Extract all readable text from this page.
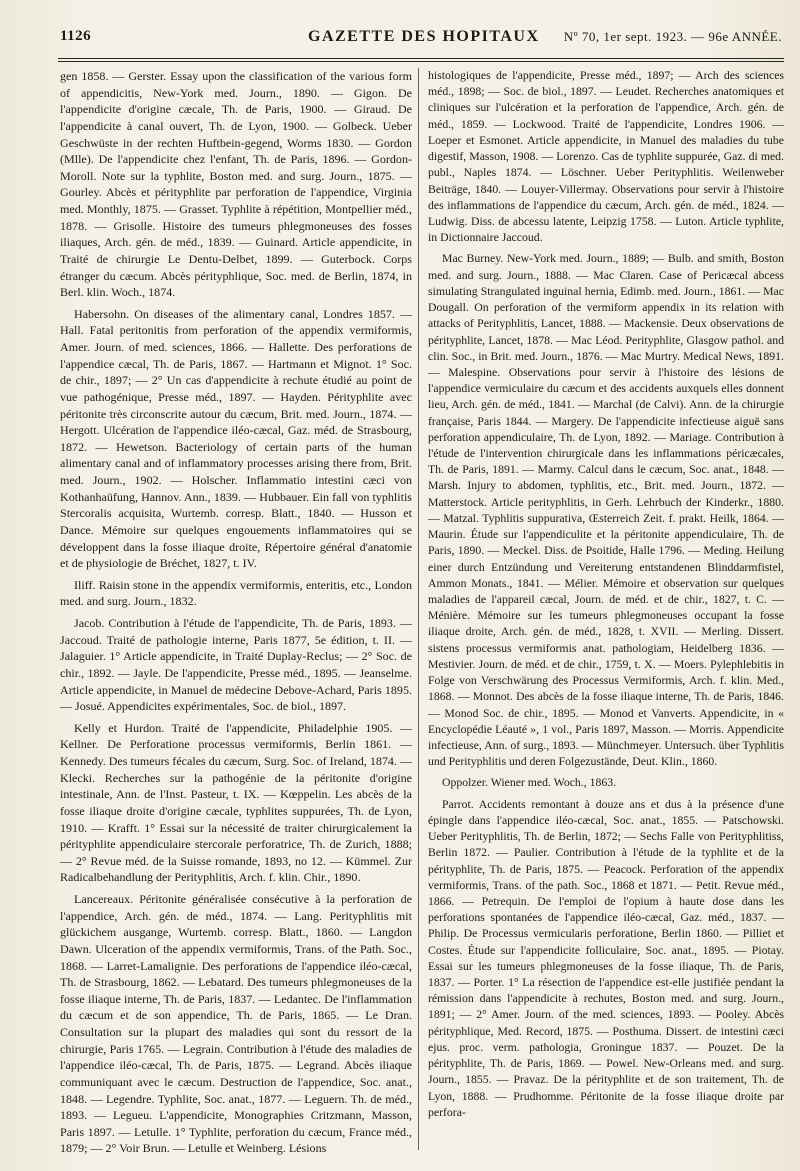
1126	GAZETTE DES HOPITAUX Nº 70, 1er sept. 1923. — 96e ANNÉE.

gen 1858. — Gerster. Essay upon the classification of the various form of appendicitis, New-York med. Journ., 1890. — Gigon. De l'appendicite d'origine cæcale, Th. de Paris, 1900. — Giraud. De l'appendicite à canal ouvert, Th. de Lyon, 1900. — Golbeck. Ueber Geschwüste in der rechten Huftbein-gegend, Worms 1830. — Gordon (Mlle). De l'appendicite chez l'enfant, Th. de Paris, 1896. — Gordon-Moroll. Note sur la typhlite, Boston med. and surg. Journ., 1875. — Gourley. Abcès et pérityphlite par perforation de l'appendice, Virginia med. Monthly, 1875. — Grasset. Typhlite à répétition, Montpellier méd., 1878. — Grisolle. Histoire des tumeurs phlegmoneuses des fosses iliaques, Arch. gén. de méd., 1839. — Guinard. Article appendicite, in Traité de chirurgie Le Dentu-Delbet, 1899. — Guterbock. Corps étranger du cæcum. Abcès pérityphlique, Soc. med. de Berlin, 1874, in Berl. klin. Woch., 1874.

Habersohn. On diseases of the alimentary canal, Londres 1857. — Hall. Fatal peritonitis from perforation of the appendix vermiformis, Amer. Journ. of med. sciences, 1866. — Hallette. Des perforations de l'appendice cæcal, Th. de Paris, 1867. — Hartmann et Mignot. 1° Soc. de chir., 1897; — 2° Un cas d'appendicite à rechute étudié au point de vue pathogénique, Presse méd., 1897. — Hayden. Pérityphlite avec péritonite très circonscrite autour du cæcum, Brit. med. Journ., 1874. — Hergott. Ulcération de l'appendice iléo-cæcal, Gaz. méd. de Strasbourg, 1872. — Hewetson. Bacteriology of certain parts of the human alimentary canal and of inflammatory processes arising there from, Brit. med. Journ., 1902. — Holscher. Inflammatio intestini cæci von Kothanhaüfung, Hannov. Ann., 1839. — Hubbauer. Ein fall von typhlitis Stercoralis acquisita, Wurtemb. corresp. Blatt., 1840. — Husson et Dance. Mémoire sur quelques engouements inflammatoires qui se développent dans la fosse iliaque droite, Répertoire général d'anatomie et de physiologie de Bréchet, 1827, t. IV.

Iliff. Raisin stone in the appendix vermiformis, enteritis, etc., London med. and surg. Journ., 1832.

Jacob. Contribution à l'étude de l'appendicite, Th. de Paris, 1893. — Jaccoud. Traité de pathologie interne, Paris 1877, 5e édition, t. II. — Jalaguier. 1° Article appendicite, in Traité Duplay-Reclus; — 2° Soc. de chir., 1892. — Jayle. De l'appendicite, Presse méd., 1895. — Jeanselme. Article appendicite, in Manuel de médecine Debove-Achard, Paris 1895. — Josué. Appendicites expérimentales, Soc. de biol., 1897.

Kelly et Hurdon. Traité de l'appendicite, Philadelphie 1905. — Kellner. De Perforatione processus vermiformis, Berlin 1861. — Kennedy. Des tumeurs fécales du cæcum, Surg. Soc. of Ireland, 1874. — Klecki. Recherches sur la pathogénie de la péritonite d'origine intestinale, Ann. de l'Inst. Pasteur, t. IX. — Kœppelin. Les abcès de la fosse iliaque droite d'origine cæcale, typhlites suppurées, Th. de Lyon, 1910. — Krafft. 1° Essai sur la nécessité de traiter chirurgicalement la pérityphlite appendiculaire stercorale perforatrice, Th. de Zurich, 1888; — 2° Revue méd. de la Suisse romande, 1893, no 12. — Kümmel. Zur Radicalbehandlung der Perityphlitis, Arch. f. klin. Chir., 1890.

Lancereaux. Péritonite généralisée consécutive à la perforation de l'appendice, Arch. gén. de méd., 1874. — Lang. Perityphlitis mit glückichem ausgange, Wurtemb. corresp. Blatt., 1860. — Langdon Dawn. Ulceration of the appendix vermiformis, Trans. of the Path. Soc., 1868. — Larret-Lamalignie. Des perforations de l'appendice iléo-cæcal, Th. de Strasbourg, 1862. — Lebatard. Des tumeurs phlegmoneuses de la fosse iliaque interne, Th. de Paris, 1837. — Ledantec. De l'inflammation du cæcum et de son appendice, Th. de Paris, 1865. — Le Dran. Consultation sur la plupart des maladies qui sont du ressort de la chirurgie, Paris 1765. — Legrain. Contribution à l'étude des maladies de l'appendice iléo-cæcal, Th. de Paris, 1875. — Legrand. Abcès iliaque communiquant avec le cæcum. Destruction de l'appendice, Soc. anat., 1848. — Legendre. Typhlite, Soc. anat., 1877. — Leguern. Th. de méd., 1893. — Legueu. L'appendicite, Monographies Critzmann, Masson, Paris 1897. — Letulle. 1° Typhlite, perforation du cæcum, France méd., 1879; — 2° Voir Brun. — Letulle et Weinberg. Lésions

histologiques de l'appendicite, Presse méd., 1897; — Arch des sciences méd., 1898; — Soc. de biol., 1897. — Leudet. Recherches anatomiques et cliniques sur l'ulcération et la perforation de l'appendice, Arch. gén. de méd., 1859. — Lockwood. Traité de l'appendicite, Londres 1906. — Loeper et Esmonet. Article appendicite, in Manuel des maladies du tube digestif, Masson, 1908. — Lorenzo. Cas de typhlite suppurée, Gaz. di med. publ., Naples 1874. — Löschner. Ueber Perityphlitis. Weilenweber Beiträge, 1840. — Louyer-Villermay. Observations pour servir à l'histoire des inflammations de l'appendice du cæcum, Arch. gén. de méd., 1824. — Ludwig. Diss. de abcessu latente, Leipzig 1758. — Luton. Article typhlite, in Dictionnaire Jaccoud.

Mac Burney. New-York med. Journ., 1889; — Bulb. and smith, Boston med. and surg. Journ., 1888. — Mac Claren. Case of Pericæcal abcess simulating Strangulated inguinal hernia, Edimb. med. Journ., 1861. — Mac Dougall. On perforation of the vermiform appendix in its relation with attacks of Perityphlitis, Lancet, 1888. — Mackensie. Deux observations de pérityphlite, Lancet, 1878. — Mac Léod. Perityphlite, Glasgow pathol. and clin. Soc., in Brit. med. Journ., 1876. — Mac Murtry. Medical News, 1891. — Malespine. Observations pour servir à l'histoire des lésions de l'appendice vermiculaire du cæcum et des accidents auxquels elles donnent lieu, Arch. gén. de méd., 1841. — Marchal (de Calvi). Ann. de la chirurgie française, Paris 1844. — Margery. De l'appendicite infectieuse aiguë sans perforation appendiculaire, Th. de Lyon, 1892. — Mariage. Contribution à l'étude de l'intervention chirurgicale dans les inflammations péricæcales, Th. de Paris, 1891. — Marmy. Calcul dans le cæcum, Soc. anat., 1848. — Marsh. Injury to abdomen, typhlitis, etc., Brit. med. Journ., 1872. — Matterstock. Article perityphlitis, in Gerh. Lehrbuch der Kinderkr., 1880. — Matzal. Typhlitis suppurativa, Œsterreich Zeit. f. prakt. Heilk, 1864. — Maurin. Étude sur l'appendiculite et la péritonite appendiculaire, Th. de Paris, 1890. — Meckel. Diss. de Psoitide, Halle 1796. — Meding. Heilung einer durch Entzündung und Vereiterung entstandenen Blinddarmfistel, Ammon Monats., 1841. — Mélier. Mémoire et observation sur quelques maladies de l'appareil cæcal, Journ. de méd. et de chir., 1827, t. C. — Ménière. Mémoire sur les tumeurs phlegmoneuses occupant la fosse iliaque droite, Arch. gén. de méd., 1828, t. XVII. — Merling. Dissert. sistens processus vermiformis anat. pathologiam, Heidelberg 1836. — Mestivier. Journ. de méd. et de chir., 1759, t. X. — Moers. Pylephlebitis in Folge von Verschwärung des Processus Vermiformis, Arch. f. klin. Med., 1868. — Monnot. Des abcès de la fosse iliaque interne, Th. de Paris, 1846. — Monod Soc. de chir., 1895. — Monod et Vanverts. Appendicite, in « Encyclopédie Léauté », 1 vol., Paris 1897, Masson. — Morris. Appendicite infectieuse, Ann. of surg., 1893. — Münchmeyer. Untersuch. über Typhlitis und Perityphlitis und deren Folgezustände, Deut. Klin., 1860.

Oppolzer. Wiener med. Woch., 1863.

Parrot. Accidents remontant à douze ans et dus à la présence d'une épingle dans l'appendice iléo-cæcal, Soc. anat., 1855. — Patschowski. Ueber Perityphlitis, Th. de Berlin, 1872; — Sechs Falle von Perityphlitiss, Berlin 1872. — Paulier. Contribution à l'étude de la typhlite et de la pérityphlite, Th. de Paris, 1875. — Peacock. Perforation of the appendix vermiformis, Trans. of the path. Soc., 1868 et 1871. — Petit. Revue méd., 1866. — Petrequin. De l'emploi de l'opium à haute dose dans les perforations spontanées de l'appendice iléo-cæcal, Gaz. méd., 1837. — Philip. De Processus vermicularis perforatione, Berlin 1860. — Pilliet et Costes. Étude sur l'appendicite folliculaire, Soc. anat., 1895. — Piotay. Essai sur les tumeurs phlegmoneuses de la fosse iliaque, Th. de Paris, 1837. — Porter. 1° La résection de l'appendice est-elle justifiée pendant la rémission dans l'appendicite à rechutes, Boston med. and surg. Journ., 1891; — 2° Amer. Journ. of the med. sciences, 1893. — Pooley. Abcès pérityphlique, Med. Record, 1875. — Posthuma. Dissert. de intestini cæci ejus. proc. verm. pathologia, Groningue 1837. — Pouzet. De la pérityphlite, Th. de Paris, 1869. — Powel. New-Orleans med. and surg. Journ., 1855. — Pravaz. De la pérityphlite et de son traitement, Th. de Lyon, 1888. — Prudhomme. Péritonite de la fosse iliaque droite par perfora-
